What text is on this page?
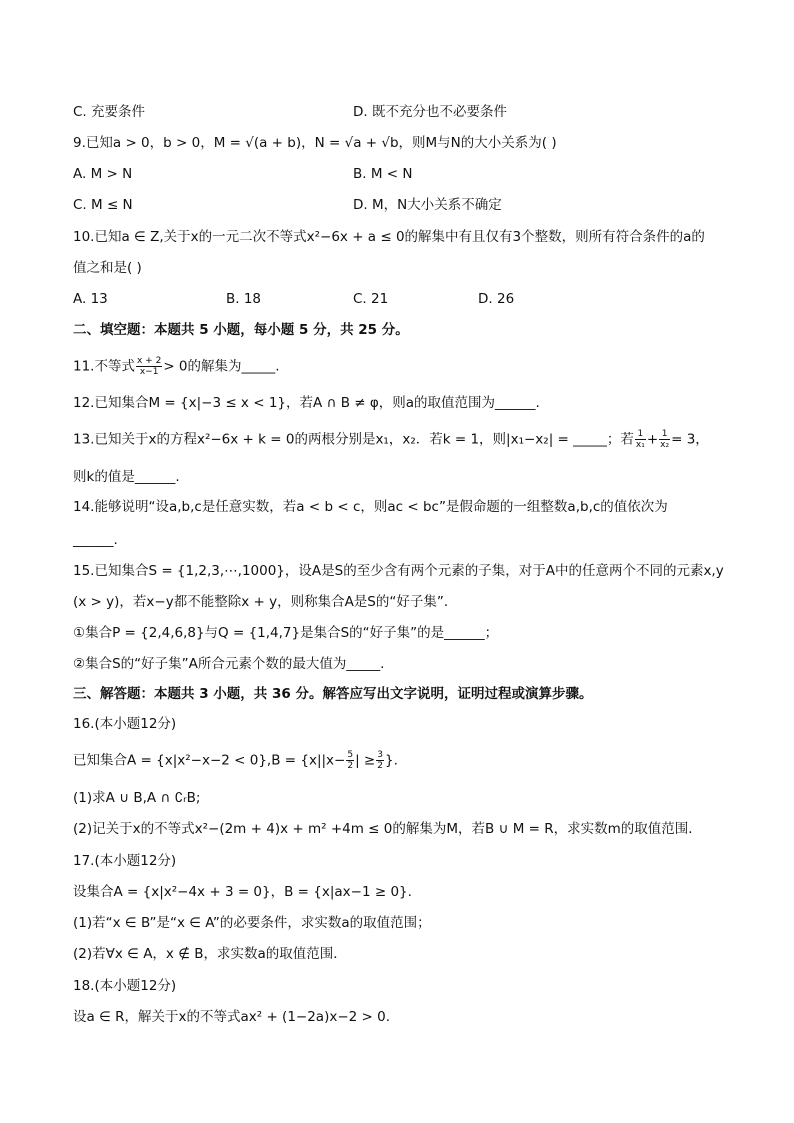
C. 充要条件	D. 既不充分也不必要条件
9.已知a > 0，b > 0，M = √(a + b)，N = √a + √b，则M与N的大小关系为( )
A. M > N	B. M < N
C. M ≤ N	D. M，N大小关系不确定
10.已知a ∈ Z,关于x的一元二次不等式x²−6x + a ≤ 0的解集中有且仅有3个整数，则所有符合条件的a的
值之和是( )
A. 13	B. 18	C. 21	D. 26
二、填空题：本题共 5 小题，每小题 5 分，共 25 分。
11.不等式 $\frac{x + 2}{x-1} > 0$的解集为_____.
12.已知集合M = {x|−3 ≤ x < 1}，若A ∩ B ≠ φ，则a的取值范围为______.
13.已知关于x的方程x²−6x + k = 0的两根分别是x₁，x₂．若k = 1，则|x₁−x₂| = _____；若 $\frac{1}{\text{x₁}} + \frac{1}{\text{x₂}} = 3$，
则k的值是______.
14.能够说明“设a,b,c是任意实数，若a < b < c，则ac < bc”是假命题的一组整数a,b,c的值依次为
______.
15.已知集合S = {1,2,3,⋯,1000}，设A是S的至少含有两个元素的子集，对于A中的任意两个不同的元素x,y
(x > y)，若x−y都不能整除x + y，则称集合A是S的“好子集”．
①集合P = {2,4,6,8}与Q = {1,4,7}是集合S的“好子集”的是______；
②集合S的“好子集”A所合元素个数的最大值为_____.
三、解答题：本题共 3 小题，共 36 分。解答应写出文字说明，证明过程或演算步骤。
16.(本小题12分)
已知集合$A = \{x|x^2-x-2 < 0\},B = \{x||x- \frac{5}{2}$ | ≥ $\frac{3}{2}$ }.
(1)求A ∪ B,A ∩ ∁ᵣB;
(2)记关于x的不等式x²−(2m + 4)x + m² +4m ≤ 0的解集为M，若B ∪ M = R，求实数m的取值范围．
17.(本小题12分)
设集合A = {x|x²−4x + 3 = 0}，B = {x|ax−1 ≥ 0}.
(1)若“x ∈ B”是“x ∈ A”的必要条件，求实数a的取值范围；
(2)若∀x ∈ A，x ∉ B，求实数a的取值范围．
18.(本小题12分)
设a ∈ R，解关于x的不等式ax² + (1−2a)x−2 > 0.
